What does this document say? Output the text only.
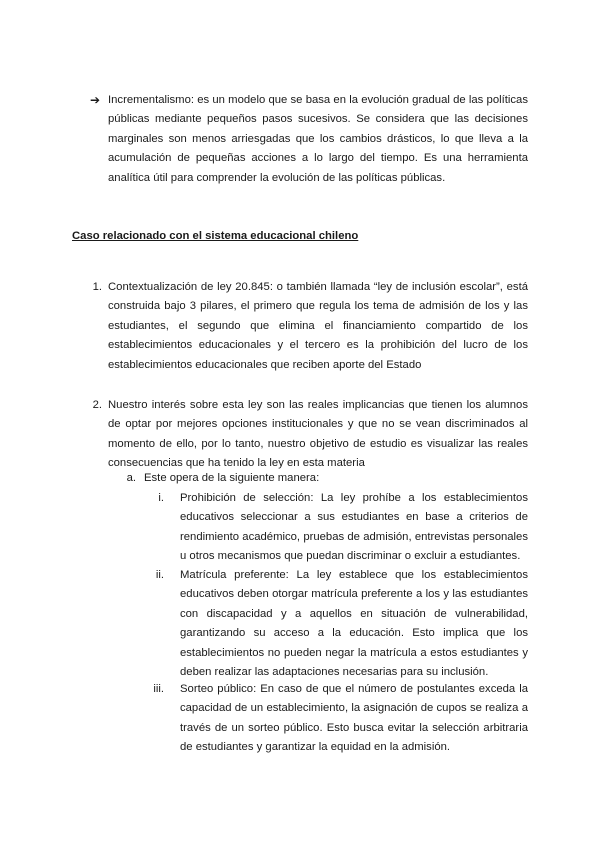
➔ Incrementalismo: es un modelo que se basa en la evolución gradual de las políticas públicas mediante pequeños pasos sucesivos. Se considera que las decisiones marginales son menos arriesgadas que los cambios drásticos, lo que lleva a la acumulación de pequeñas acciones a lo largo del tiempo. Es una herramienta analítica útil para comprender la evolución de las políticas públicas.

Caso relacionado con el sistema educacional chileno
1. Contextualización de ley 20.845: o también llamada “ley de inclusión escolar”, está construida bajo 3 pilares, el primero que regula los tema de admisión de los y las estudiantes, el segundo que elimina el financiamiento compartido de los establecimientos educacionales y el tercero es la prohibición del lucro de los establecimientos educacionales que reciben aporte del Estado

2. Nuestro interés sobre esta ley son las reales implicancias que tienen los alumnos de optar por mejores opciones institucionales y que no se vean discriminados al momento de ello, por lo tanto, nuestro objetivo de estudio es visualizar las reales consecuencias que ha tenido la ley en esta materia

a. Este opera de la siguiente manera:

i. Prohibición de selección: La ley prohíbe a los establecimientos educativos seleccionar a sus estudiantes en base a criterios de rendimiento académico, pruebas de admisión, entrevistas personales u otros mecanismos que puedan discriminar o excluir a estudiantes.

ii. Matrícula preferente: La ley establece que los establecimientos educativos deben otorgar matrícula preferente a los y las estudiantes con discapacidad y a aquellos en situación de vulnerabilidad, garantizando su acceso a la educación. Esto implica que los establecimientos no pueden negar la matrícula a estos estudiantes y deben realizar las adaptaciones necesarias para su inclusión.

iii. Sorteo público: En caso de que el número de postulantes exceda la capacidad de un establecimiento, la asignación de cupos se realiza a través de un sorteo público. Esto busca evitar la selección arbitraria de estudiantes y garantizar la equidad en la admisión.
